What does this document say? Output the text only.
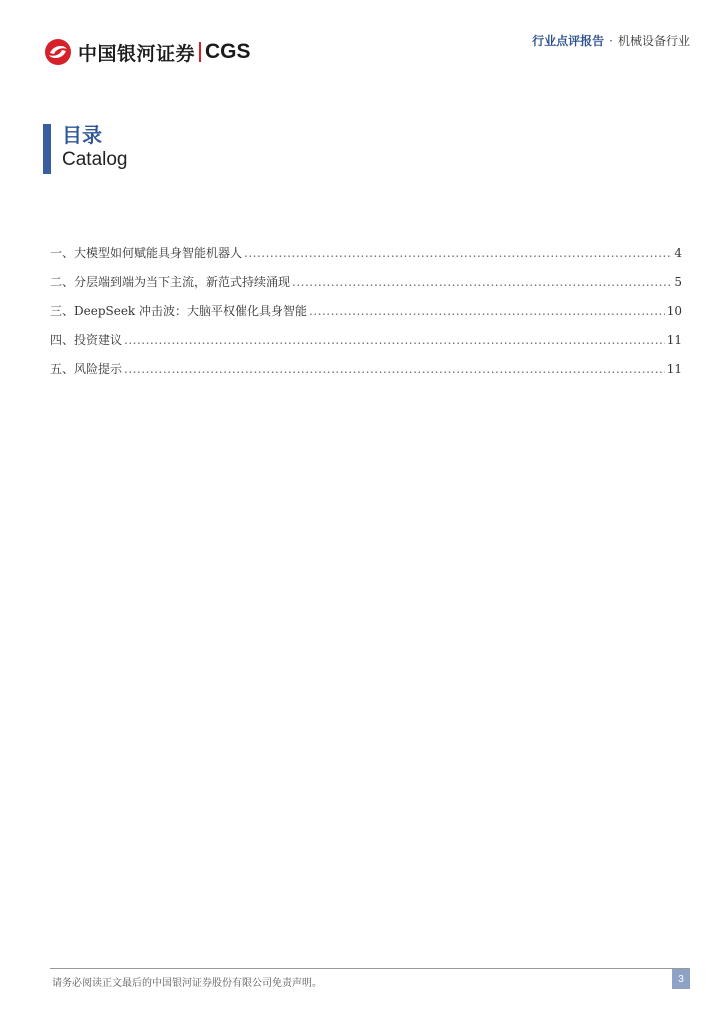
中国银河证券 CGS	行业点评报告 · 机械设备行业
目录
Catalog
一、大模型如何赋能具身智能机器人 .....	4
二、分层端到端为当下主流，新范式持续涌现 .....	5
三、DeepSeek 冲击波：大脑平权催化具身智能 .....	10
四、投资建议 .....	11
五、风险提示 .....	11
请务必阅读正文最后的中国银河证券股份有限公司免责声明。	3
